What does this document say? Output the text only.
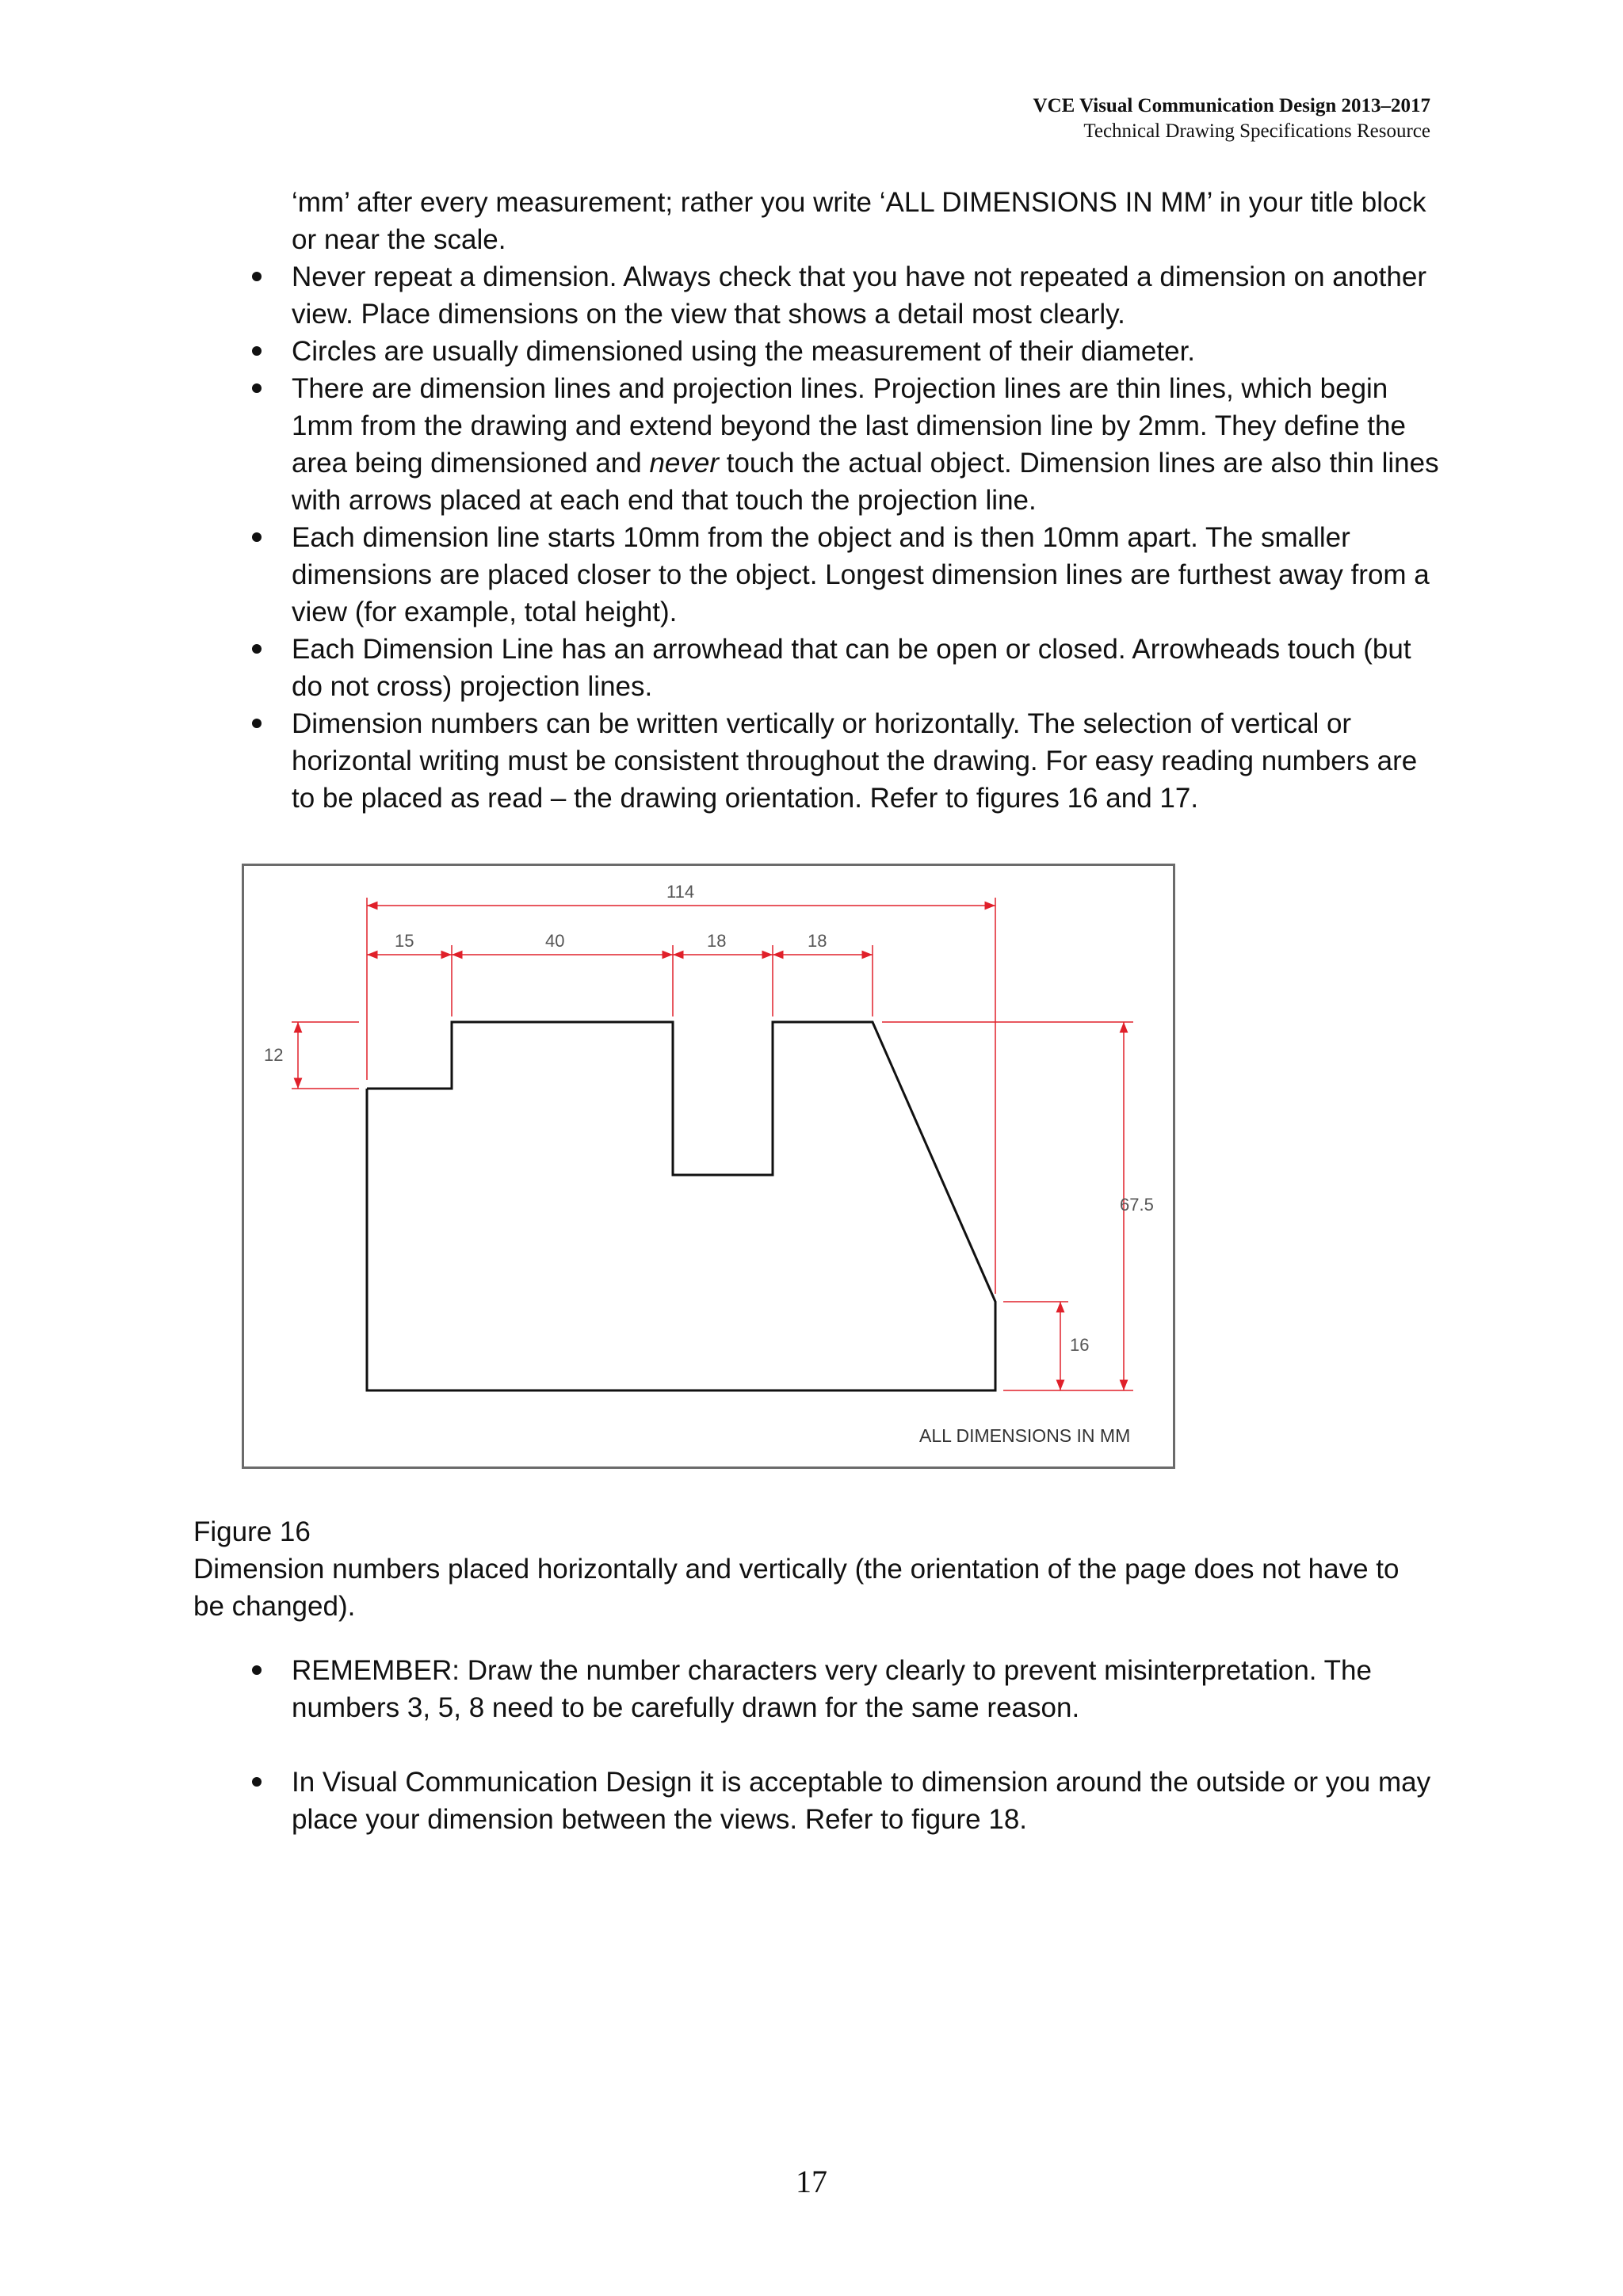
VCE Visual Communication Design 2013–2017
Technical Drawing Specifications Resource
‘mm’ after every measurement; rather you write ‘ALL DIMENSIONS IN MM’ in your title block
or near the scale.
Never repeat a dimension. Always check that you have not repeated a dimension on another view. Place dimensions on the view that shows a detail most clearly.
Circles are usually dimensioned using the measurement of their diameter.
There are dimension lines and projection lines. Projection lines are thin lines, which begin 1mm from the drawing and extend beyond the last dimension line by 2mm. They define the area being dimensioned and never touch the actual object. Dimension lines are also thin lines with arrows placed at each end that touch the projection line.
Each dimension line starts 10mm from the object and is then 10mm apart. The smaller dimensions are placed closer to the object. Longest dimension lines are furthest away from a view (for example, total height).
Each Dimension Line has an arrowhead that can be open or closed. Arrowheads touch (but do not cross) projection lines.
Dimension numbers can be written vertically or horizontally. The selection of vertical or horizontal writing must be consistent throughout the drawing. For easy reading numbers are to be placed as read – the drawing orientation. Refer to figures 16 and 17.
114
15	40	18	18
12
67.5
16
ALL DIMENSIONS IN MM
Figure 16
Dimension numbers placed horizontally and vertically (the orientation of the page does not have to be changed).
REMEMBER: Draw the number characters very clearly to prevent misinterpretation. The numbers 3, 5, 8 need to be carefully drawn for the same reason.
In Visual Communication Design it is acceptable to dimension around the outside or you may place your dimension between the views. Refer to figure 18.
17
